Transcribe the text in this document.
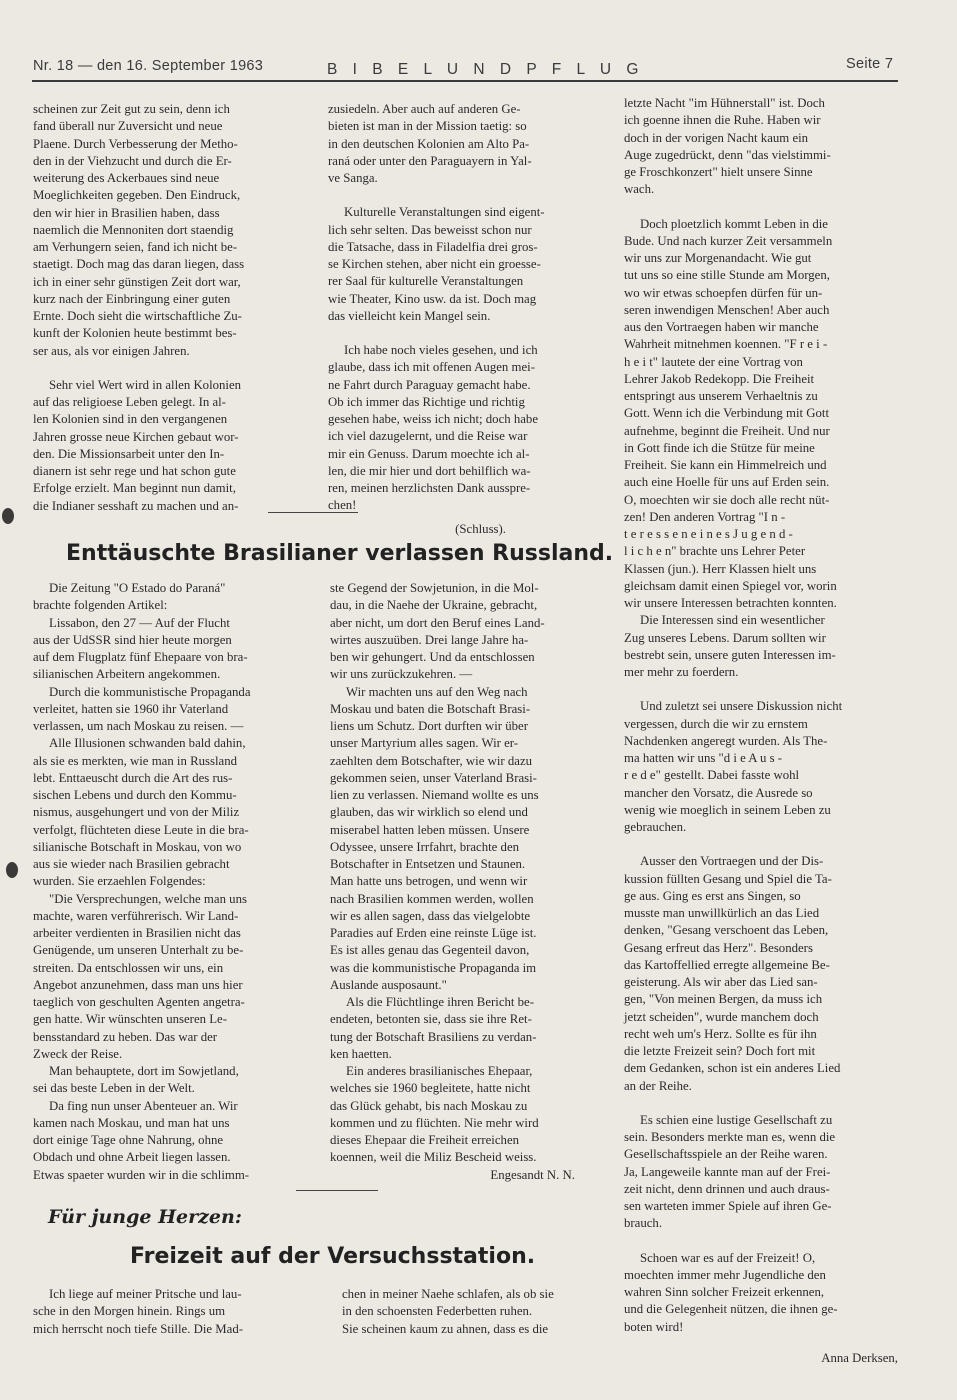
Nr. 18 — den 16. September 1963	B I B E L U N D P F L U G	Seite 7

scheinen zur Zeit gut zu sein, denn ich
fand überall nur Zuversicht und neue
Plaene. Durch Verbesserung der Metho-
den in der Viehzucht und durch die Er-
weiterung des Ackerbaues sind neue
Moeglichkeiten gegeben. Den Eindruck,
den wir hier in Brasilien haben, dass
naemlich die Mennoniten dort staendig
am Verhungern seien, fand ich nicht be-
staetigt. Doch mag das daran liegen, dass
ich in einer sehr günstigen Zeit dort war,
kurz nach der Einbringung einer guten
Ernte. Doch sieht die wirtschaftliche Zu-
kunft der Kolonien heute bestimmt bes-
ser aus, als vor einigen Jahren.

Sehr viel Wert wird in allen Kolonien
auf das religioese Leben gelegt. In al-
len Kolonien sind in den vergangenen
Jahren grosse neue Kirchen gebaut wor-
den. Die Missionsarbeit unter den In-
dianern ist sehr rege und hat schon gute
Erfolge erzielt. Man beginnt nun damit,
die Indianer sesshaft zu machen und an-

zusiedeln. Aber auch auf anderen Ge-
bieten ist man in der Mission taetig: so
in den deutschen Kolonien am Alto Pa-
raná oder unter den Paraguayern in Yal-
ve Sanga.

Kulturelle Veranstaltungen sind eigent-
lich sehr selten. Das beweisst schon nur
die Tatsache, dass in Filadelfia drei gros-
se Kirchen stehen, aber nicht ein groesse-
rer Saal für kulturelle Veranstaltungen
wie Theater, Kino usw. da ist. Doch mag
das vielleicht kein Mangel sein.

Ich habe noch vieles gesehen, und ich
glaube, dass ich mit offenen Augen mei-
ne Fahrt durch Paraguay gemacht habe.
Ob ich immer das Richtige und richtig
gesehen habe, weiss ich nicht; doch habe
ich viel dazugelernt, und die Reise war
mir ein Genuss. Darum moechte ich al-
len, die mir hier und dort behilflich wa-
ren, meinen herzlichsten Dank ausspre-
chen!

(Schluss).

Enttäuschte Brasilianer verlassen Russland.

Die Zeitung "O Estado do Paraná"
brachte folgenden Artikel:

Lissabon, den 27 — Auf der Flucht
aus der UdSSR sind hier heute morgen
auf dem Flugplatz fünf Ehepaare von bra-
silianischen Arbeitern angekommen.

Durch die kommunistische Propaganda
verleitet, hatten sie 1960 ihr Vaterland
verlassen, um nach Moskau zu reisen. —

Alle Illusionen schwanden bald dahin,
als sie es merkten, wie man in Russland
lebt. Enttaeuscht durch die Art des rus-
sischen Lebens und durch den Kommu-
nismus, ausgehungert und von der Miliz
verfolgt, flüchteten diese Leute in die bra-
silianische Botschaft in Moskau, von wo
aus sie wieder nach Brasilien gebracht
wurden. Sie erzaehlen Folgendes:

"Die Versprechungen, welche man uns
machte, waren verführerisch. Wir Land-
arbeiter verdienten in Brasilien nicht das
Genügende, um unseren Unterhalt zu be-
streiten. Da entschlossen wir uns, ein
Angebot anzunehmen, dass man uns hier
taeglich von geschulten Agenten angetra-
gen hatte. Wir wünschten unseren Le-
bensstandard zu heben. Das war der
Zweck der Reise.

Man behauptete, dort im Sowjetland,
sei das beste Leben in der Welt.

Da fing nun unser Abenteuer an. Wir
kamen nach Moskau, und man hat uns
dort einige Tage ohne Nahrung, ohne
Obdach und ohne Arbeit liegen lassen.
Etwas spaeter wurden wir in die schlimm-

ste Gegend der Sowjetunion, in die Mol-
dau, in die Naehe der Ukraine, gebracht,
aber nicht, um dort den Beruf eines Land-
wirtes auszuüben. Drei lange Jahre ha-
ben wir gehungert. Und da entschlossen
wir uns zurückzukehren. —

Wir machten uns auf den Weg nach
Moskau und baten die Botschaft Brasi-
liens um Schutz. Dort durften wir über
unser Martyrium alles sagen. Wir er-
zaehlten dem Botschafter, wie wir dazu
gekommen seien, unser Vaterland Brasi-
lien zu verlassen. Niemand wollte es uns
glauben, das wir wirklich so elend und
miserabel hatten leben müssen. Unsere
Odyssee, unsere Irrfahrt, brachte den
Botschafter in Entsetzen und Staunen.
Man hatte uns betrogen, und wenn wir
nach Brasilien kommen werden, wollen
wir es allen sagen, dass das vielgelobte
Paradies auf Erden eine reinste Lüge ist.
Es ist alles genau das Gegenteil davon,
was die kommunistische Propaganda im
Auslande ausposaunt."

Als die Flüchtlinge ihren Bericht be-
endeten, betonten sie, dass sie ihre Ret-
tung der Botschaft Brasiliens zu verdan-
ken haetten.

Ein anderes brasilianisches Ehepaar,
welches sie 1960 begleitete, hatte nicht
das Glück gehabt, bis nach Moskau zu
kommen und zu flüchten. Nie mehr wird
dieses Ehepaar die Freiheit erreichen
koennen, weil die Miliz Bescheid weiss.

Engesandt N. N.

Für junge Herzen:
Freizeit auf der Versuchsstation.

Ich liege auf meiner Pritsche und lau-
sche in den Morgen hinein. Rings um
mich herrscht noch tiefe Stille. Die Mad-

chen in meiner Naehe schlafen, als ob sie
in den schoensten Federbetten ruhen.
Sie scheinen kaum zu ahnen, dass es die

letzte Nacht "im Hühnerstall" ist. Doch
ich goenne ihnen die Ruhe. Haben wir
doch in der vorigen Nacht kaum ein
Auge zugedrückt, denn "das vielstimmi-
ge Froschkonzert" hielt unsere Sinne
wach.

Doch ploetzlich kommt Leben in die
Bude. Und nach kurzer Zeit versammeln
wir uns zur Morgenandacht. Wie gut
tut uns so eine stille Stunde am Morgen,
wo wir etwas schoepfen dürfen für un-
seren inwendigen Menschen! Aber auch
aus den Vortraegen haben wir manche
Wahrheit mitnehmen koennen. "F r e i -
h e i t" lautete der eine Vortrag von
Lehrer Jakob Redekopp. Die Freiheit
entspringt aus unserem Verhaeltnis zu
Gott. Wenn ich die Verbindung mit Gott
aufnehme, beginnt die Freiheit. Und nur
in Gott finde ich die Stütze für meine
Freiheit. Sie kann ein Himmelreich und
auch eine Hoelle für uns auf Erden sein.
O, moechten wir sie doch alle recht nüt-
zen! Den anderen Vortrag "I n -
t e r e s s e n e i n e s J u g e n d -
l i c h e n" brachte uns Lehrer Peter
Klassen (jun.). Herr Klassen hielt uns
gleichsam damit einen Spiegel vor, worin
wir unsere Interessen betrachten konnten.

Die Interessen sind ein wesentlicher
Zug unseres Lebens. Darum sollten wir
bestrebt sein, unsere guten Interessen im-
mer mehr zu foerdern.

Und zuletzt sei unsere Diskussion nicht
vergessen, durch die wir zu ernstem
Nachdenken angeregt wurden. Als The-
ma hatten wir uns "d i e A u s -
r e d e" gestellt. Dabei fasste wohl
mancher den Vorsatz, die Ausrede so
wenig wie moeglich in seinem Leben zu
gebrauchen.

Ausser den Vortraegen und der Dis-
kussion füllten Gesang und Spiel die Ta-
ge aus. Ging es erst ans Singen, so
musste man unwillkürlich an das Lied
denken, "Gesang verschoent das Leben,
Gesang erfreut das Herz". Besonders
das Kartoffellied erregte allgemeine Be-
geisterung. Als wir aber das Lied san-
gen, "Von meinen Bergen, da muss ich
jetzt scheiden", wurde manchem doch
recht weh um's Herz. Sollte es für ihn
die letzte Freizeit sein? Doch fort mit
dem Gedanken, schon ist ein anderes Lied
an der Reihe.

Es schien eine lustige Gesellschaft zu
sein. Besonders merkte man es, wenn die
Gesellschaftsspiele an der Reihe waren.
Ja, Langeweile kannte man auf der Frei-
zeit nicht, denn drinnen und auch draus-
sen warteten immer Spiele auf ihren Ge-
brauch.

Schoen war es auf der Freizeit! O,
moechten immer mehr Jugendliche den
wahren Sinn solcher Freizeit erkennen,
und die Gelegenheit nützen, die ihnen ge-
boten wird!

Anna Derksen,
